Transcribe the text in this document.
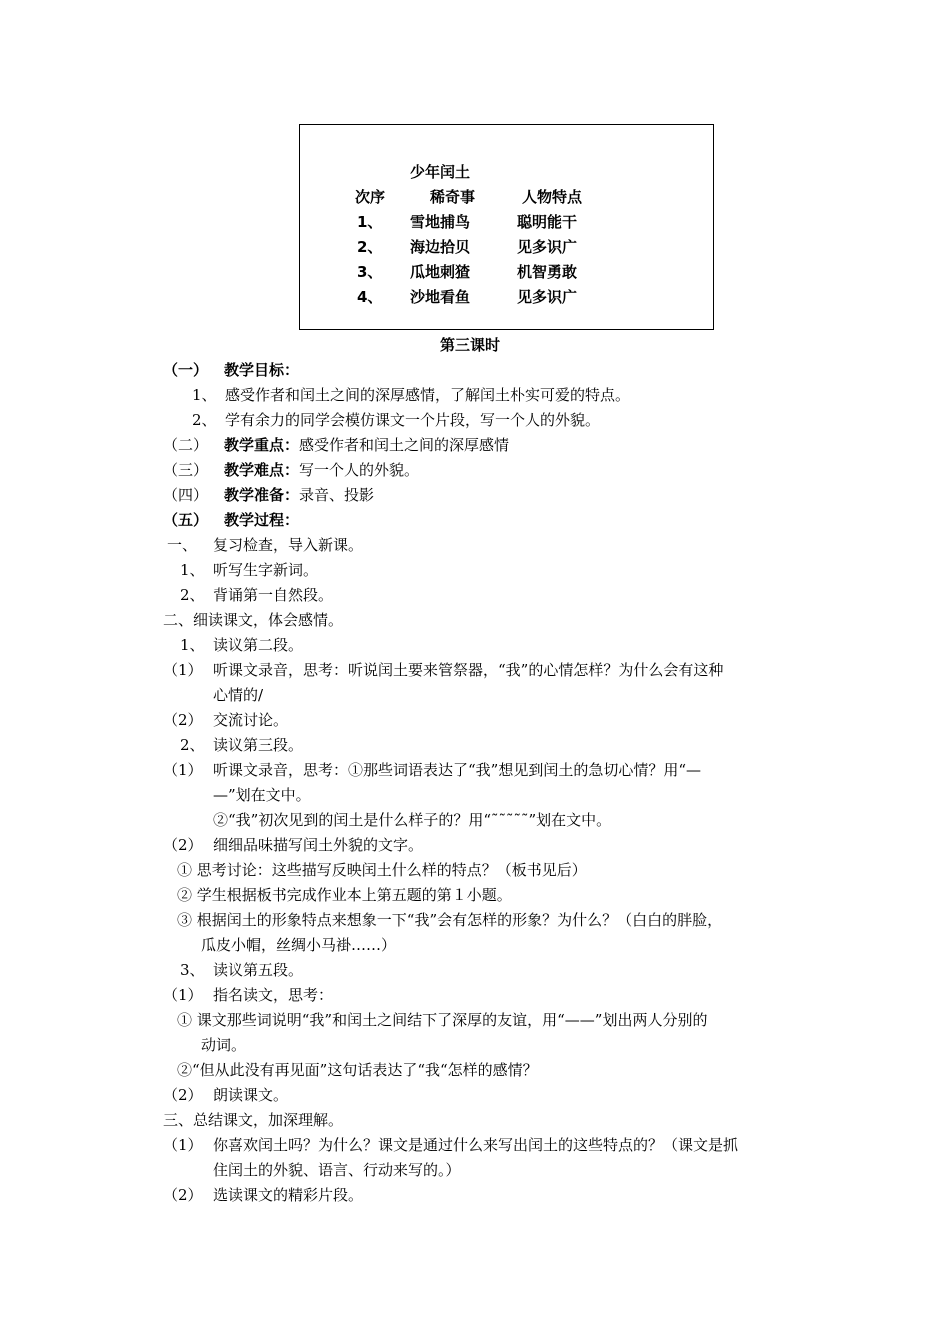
少年闰土
次序	稀奇事	人物特点
1、 雪地捕鸟	聪明能干
2、 海边拾贝	见多识广
3、 瓜地刺猹	机智勇敢
4、 沙地看鱼	见多识广
第三课时
（一） 教学目标：
1、 感受作者和闰土之间的深厚感情，了解闰土朴实可爱的特点。
2、 学有余力的同学会模仿课文一个片段，写一个人的外貌。
（二） 教学重点：感受作者和闰土之间的深厚感情
（三） 教学难点：写一个人的外貌。
（四） 教学准备：录音、投影
（五） 教学过程：
一、 复习检查，导入新课。
1、 听写生字新词。
2、 背诵第一自然段。
二、细读课文，体会感情。
1、 读议第二段。
（1） 听课文录音，思考：听说闰土要来管祭器，“我”的心情怎样？为什么会有这种
心情的/
（2） 交流讨论。
2、 读议第三段。
（1） 听课文录音，思考：①那些词语表达了“我”想见到闰土的急切心情？用“—
—”划在文中。
②“我”初次见到的闰土是什么样子的？用“˜˜˜˜˜”划在文中。
（2） 细细品味描写闰土外貌的文字。
① 思考讨论：这些描写反映闰土什么样的特点？（板书见后）
② 学生根据板书完成作业本上第五题的第１小题。
③ 根据闰土的形象特点来想象一下“我”会有怎样的形象？为什么？（白白的胖脸，
瓜皮小帽，丝绸小马褂……）
3、 读议第五段。
（1） 指名读文，思考：
① 课文那些词说明“我”和闰土之间结下了深厚的友谊，用“——”划出两人分别的
动词。
②“但从此没有再见面”这句话表达了“我“怎样的感情？
（2） 朗读课文。
三、总结课文，加深理解。
（1） 你喜欢闰土吗？为什么？课文是通过什么来写出闰土的这些特点的？（课文是抓
住闰土的外貌、语言、行动来写的。）
（2） 选读课文的精彩片段。
